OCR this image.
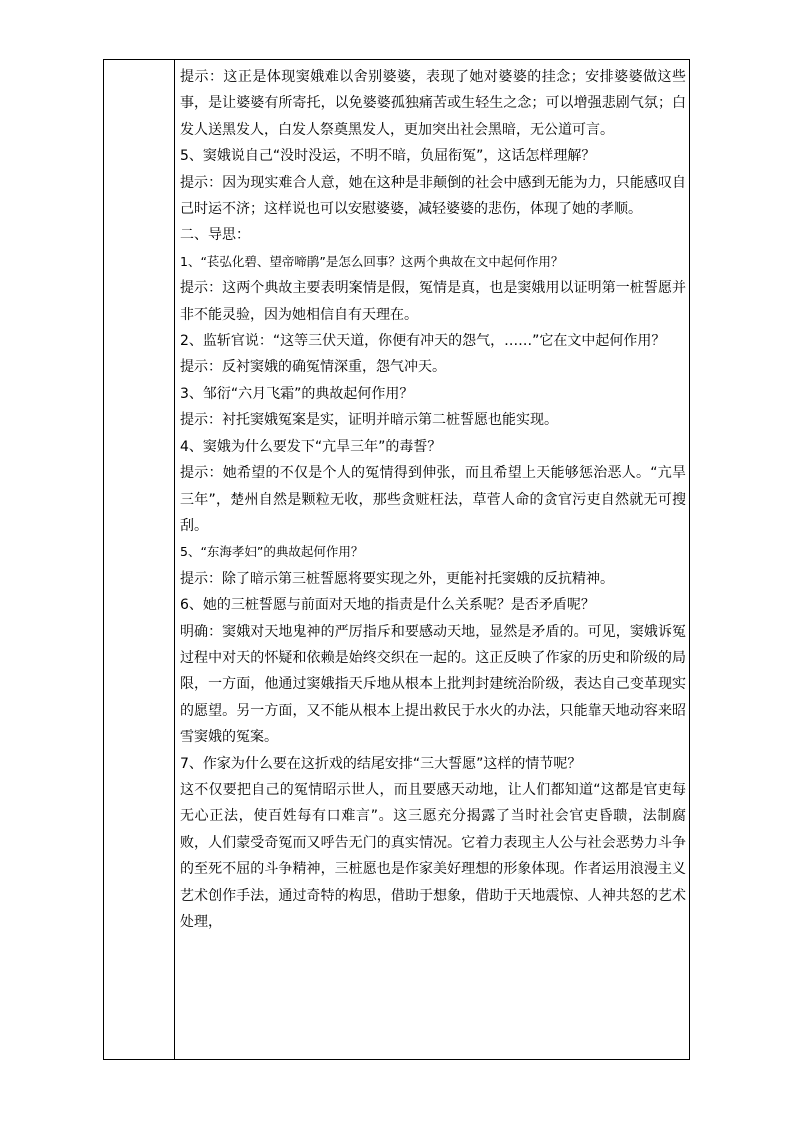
提示：这正是体现窦娥难以舍别婆婆，表现了她对婆婆的挂念；安排婆婆做这些事，是让婆婆有所寄托，以免婆婆孤独痛苦或生轻生之念；可以增强悲剧气氛；白发人送黑发人，白发人祭奠黑发人，更加突出社会黑暗，无公道可言。

5、窦娥说自己“没时没运，不明不暗，负屈衔冤”，这话怎样理解？

提示：因为现实难合人意，她在这种是非颠倒的社会中感到无能为力，只能感叹自己时运不济；这样说也可以安慰婆婆，减轻婆婆的悲伤，体现了她的孝顺。

二、导思：

1、“苌弘化碧、望帝啼鹃”是怎么回事？这两个典故在文中起何作用？

提示：这两个典故主要表明案情是假，冤情是真，也是窦娥用以证明第一桩誓愿并非不能灵验，因为她相信自有天理在。

2、监斩官说：“这等三伏天道，你便有冲天的怨气，……”它在文中起何作用？

提示：反衬窦娥的确冤情深重，怨气冲天。

3、邹衍“六月飞霜”的典故起何作用？

提示：衬托窦娥冤案是实，证明并暗示第二桩誓愿也能实现。

4、窦娥为什么要发下“亢旱三年”的毒誓？

提示：她希望的不仅是个人的冤情得到伸张，而且希望上天能够惩治恶人。“亢旱三年”，楚州自然是颗粒无收，那些贪赃枉法，草菅人命的贪官污吏自然就无可搜刮。

5、“东海孝妇”的典故起何作用？

提示：除了暗示第三桩誓愿将要实现之外，更能衬托窦娥的反抗精神。

6、她的三桩誓愿与前面对天地的指责是什么关系呢？是否矛盾呢？

明确：窦娥对天地鬼神的严厉指斥和要感动天地，显然是矛盾的。可见，窦娥诉冤过程中对天的怀疑和依赖是始终交织在一起的。这正反映了作家的历史和阶级的局限，一方面，他通过窦娥指天斥地从根本上批判封建统治阶级，表达自己变革现实的愿望。另一方面，又不能从根本上提出救民于水火的办法，只能靠天地动容来昭雪窦娥的冤案。

7、作家为什么要在这折戏的结尾安排“三大誓愿”这样的情节呢？

这不仅要把自己的冤情昭示世人，而且要感天动地，让人们都知道“这都是官吏每无心正法，使百姓每有口难言”。这三愿充分揭露了当时社会官吏昏聩，法制腐败，人们蒙受奇冤而又呼告无门的真实情况。它着力表现主人公与社会恶势力斗争的至死不屈的斗争精神，三桩愿也是作家美好理想的形象体现。作者运用浪漫主义艺术创作手法，通过奇特的构思，借助于想象，借助于天地震惊、人神共怒的艺术处理，
